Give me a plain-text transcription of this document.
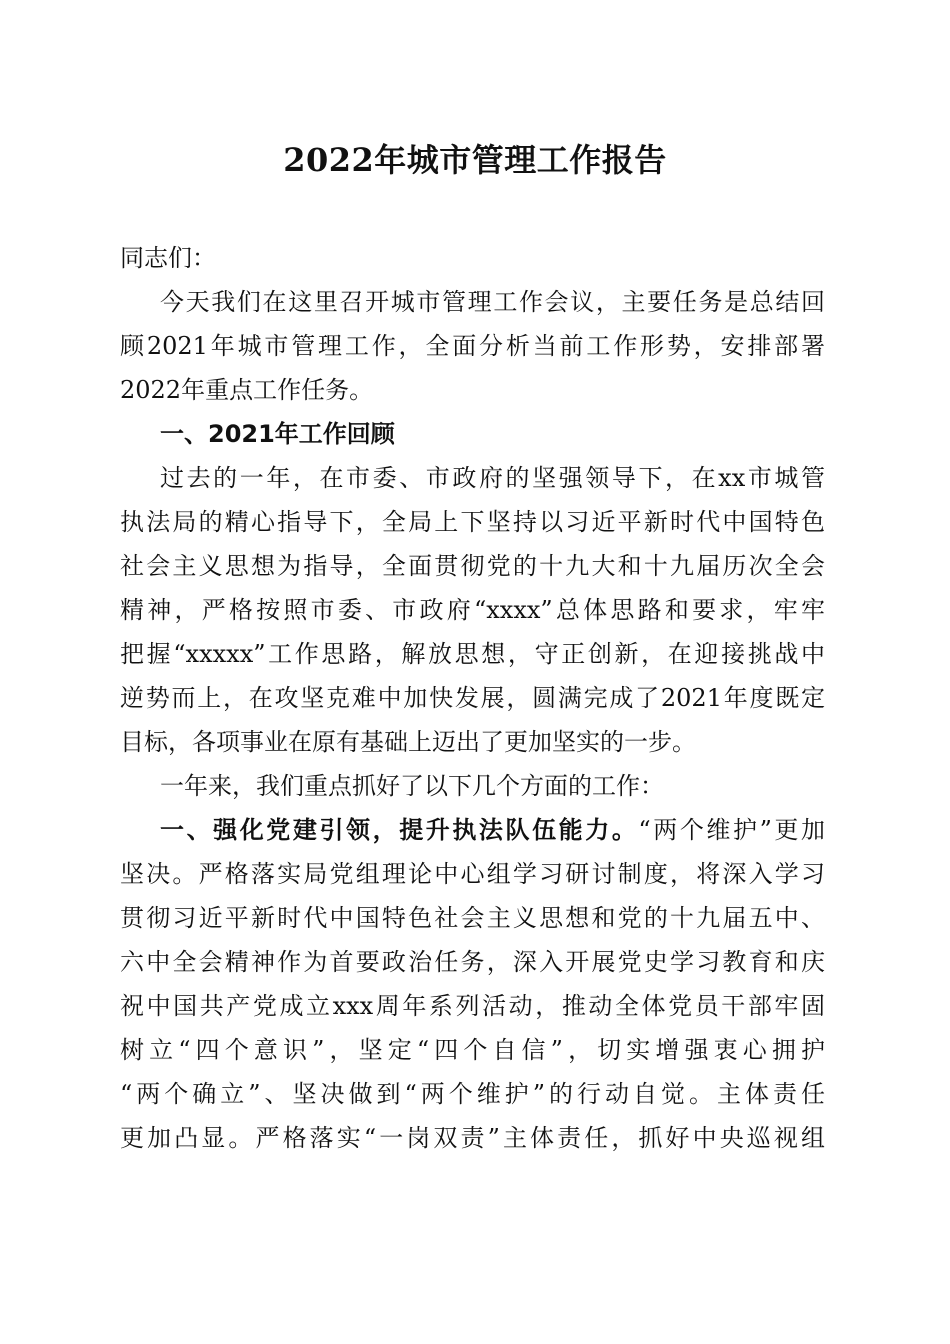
2022年城市管理工作报告
同志们：
今天我们在这里召开城市管理工作会议，主要任务是总结回
顾2021年城市管理工作，全面分析当前工作形势，安排部署
2022年重点工作任务。
一、2021年工作回顾
过去的一年，在市委、市政府的坚强领导下，在xx市城管
执法局的精心指导下，全局上下坚持以习近平新时代中国特色
社会主义思想为指导，全面贯彻党的十九大和十九届历次全会
精神，严格按照市委、市政府“xxxx”总体思路和要求，牢牢
把握“xxxxx”工作思路，解放思想，守正创新，在迎接挑战中
逆势而上，在攻坚克难中加快发展，圆满完成了2021年度既定
目标，各项事业在原有基础上迈出了更加坚实的一步。
一年来，我们重点抓好了以下几个方面的工作：
一、强化党建引领，提升执法队伍能力。“两个维护”更加
坚决。严格落实局党组理论中心组学习研讨制度，将深入学习
贯彻习近平新时代中国特色社会主义思想和党的十九届五中、
六中全会精神作为首要政治任务，深入开展党史学习教育和庆
祝中国共产党成立xxx周年系列活动，推动全体党员干部牢固
树立“四个意识”，坚定“四个自信”，切实增强衷心拥护
“两个确立”、坚决做到“两个维护”的行动自觉。主体责任
更加凸显。严格落实“一岗双责”主体责任，抓好中央巡视组
